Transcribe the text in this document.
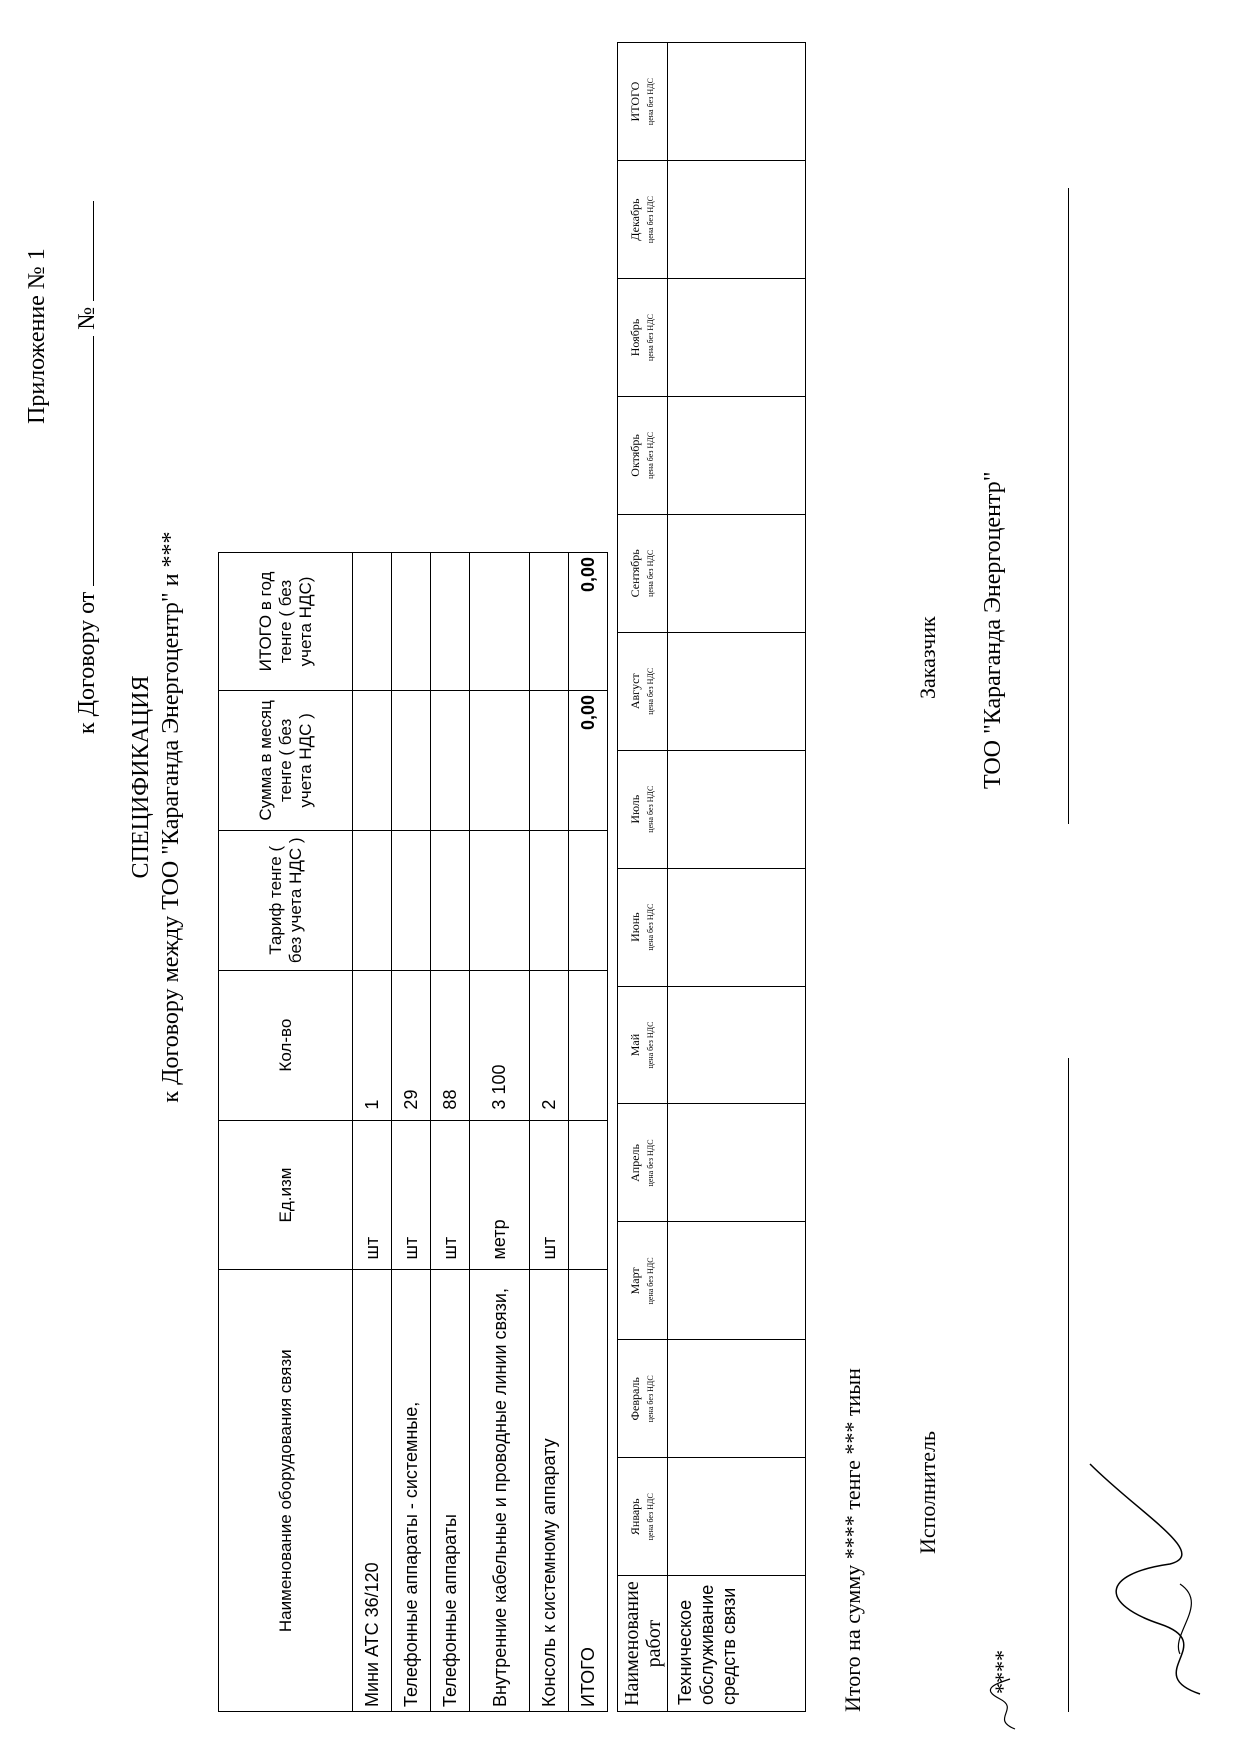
Приложение № 1
к Договору от  №
СПЕЦИФИКАЦИЯ к Договору между ТОО "Караганда Энергоцентр" и ***
Наименование оборудования связи	Ед.изм	Кол-во	Тариф тенге ( без учета НДС )	Сумма в месяц тенге ( без учета НДС )	ИТОГО в год тенге ( без учета НДС)
Мини АТС 36/120	шт	1			
Телефонные аппараты - системные,	шт	29			
Телефонные аппараты	шт	88			
Внутренние кабельные и проводные линии связи,	метр	3 100			
Консоль к системному аппарату	шт	2			
ИТОГО				0,00	0,00
Наименование работ	Январь цена без НДС	Февраль цена без НДС	Март цена без НДС	Апрель цена без НДС	Май цена без НДС	Июнь цена без НДС	Июль цена без НДС	Август цена без НДС	Сентябрь цена без НДС	Октябрь цена без НДС	Ноябрь цена без НДС	Декабрь цена без НДС	ИТОГО цена без НДС

Техническое обслуживание средств связи														Итого на сумму **** тенге *** тиын Исполнитель
Заказчик ТОО "Караганда Энергоцентр"
****
